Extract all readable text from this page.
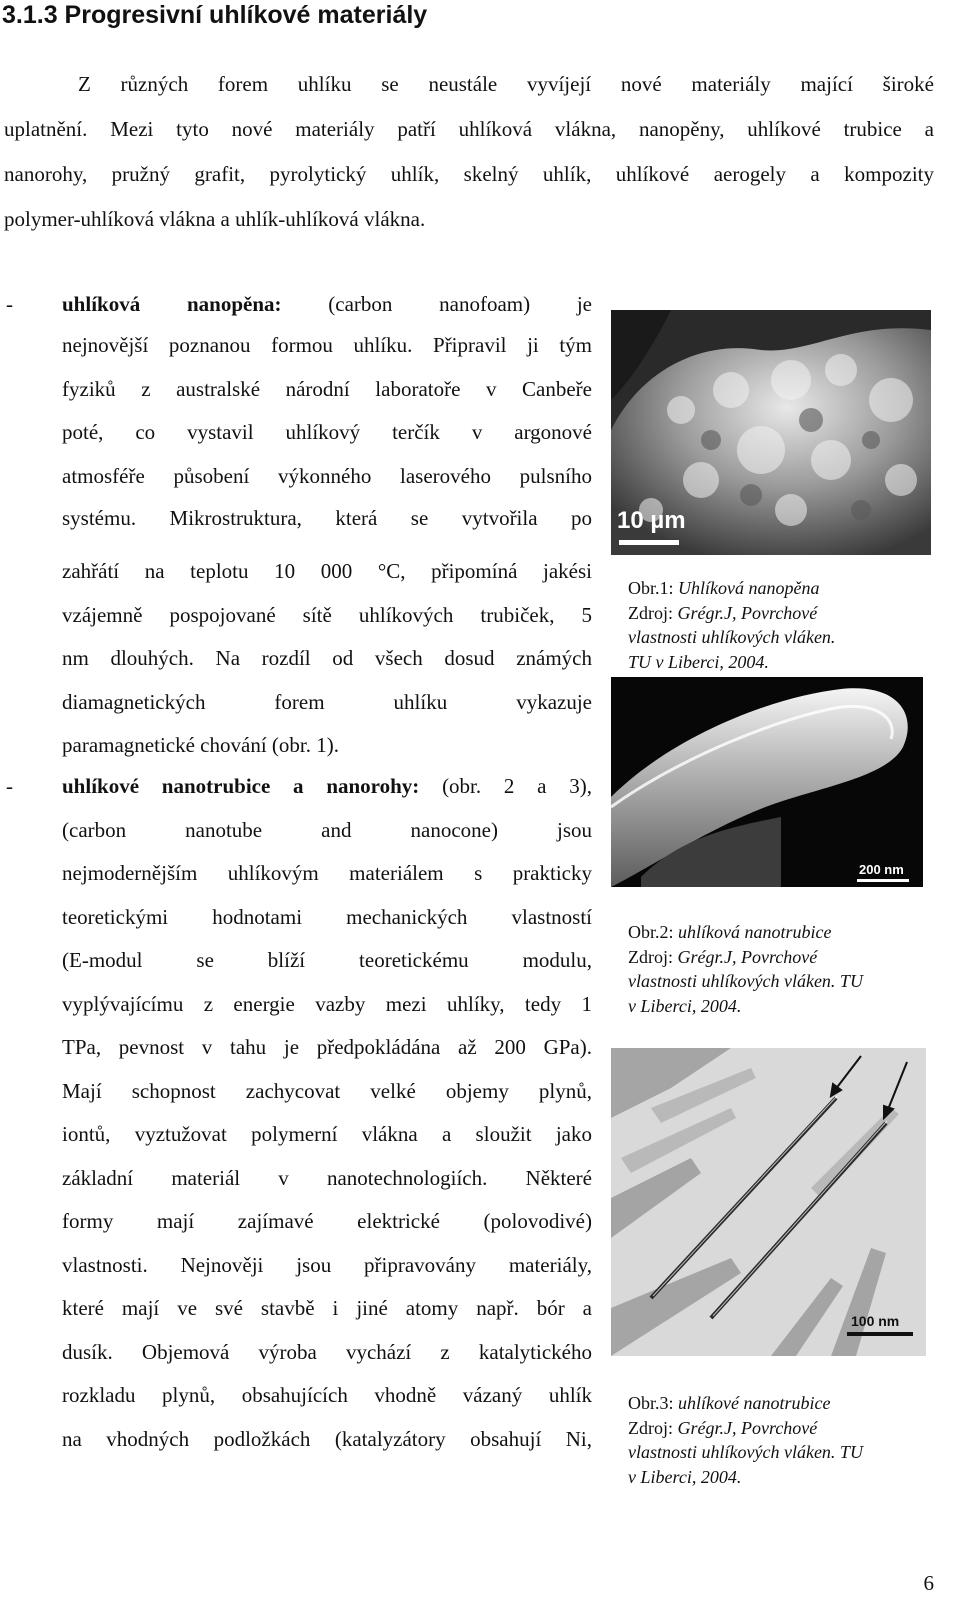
3.1.3 Progresivní uhlíkové materiály
Z různých forem uhlíku se neustále vyvíjejí nové materiály mající široké
uplatnění. Mezi tyto nové materiály patří uhlíková vlákna, nanopěny, uhlíkové trubice a
nanorohy, pružný grafit, pyrolytický uhlík, skelný uhlík, uhlíkové aerogely a kompozity
polymer-uhlíková vlákna a uhlík-uhlíková vlákna.
- uhlíková nanopěna: (carbon nanofoam) je
nejnovější poznanou formou uhlíku. Připravil ji tým
fyziků z australské národní laboratoře v Canbeře
poté, co vystavil uhlíkový terčík v argonové
atmosféře působení výkonného laserového pulsního
systému. Mikrostruktura, která se vytvořila po
zahřátí na teplotu 10 000 °C, připomíná jakési
vzájemně pospojované sítě uhlíkových trubiček, 5
nm dlouhých. Na rozdíl od všech dosud známých
diamagnetických forem uhlíku vykazuje
paramagnetické chování (obr. 1).
- uhlíkové nanotrubice a nanorohy: (obr. 2 a 3),
(carbon nanotube and nanocone) jsou
nejmodernějším uhlíkovým materiálem s prakticky
teoretickými hodnotami mechanických vlastností
(E-modul se blíží teoretickému modulu,
vyplývajícímu z energie vazby mezi uhlíky, tedy 1
TPa, pevnost v tahu je předpokládána až 200 GPa).
Mají schopnost zachycovat velké objemy plynů,
iontů, vyztužovat polymerní vlákna a sloužit jako
základní materiál v nanotechnologiích. Některé
formy mají zajímavé elektrické (polovodivé)
vlastnosti. Nejnověji jsou připravovány materiály,
které mají ve své stavbě i jiné atomy např. bór a
dusík. Objemová výroba vychází z katalytického
rozkladu plynů, obsahujících vhodně vázaný uhlík
na vhodných podložkách (katalyzátory obsahují Ni,
10 µm
Obr.1: Uhlíková nanopěna
Zdroj: Grégr.J, Povrchové
vlastnosti uhlíkových vláken.
TU v Liberci, 2004.
200 nm
Obr.2: uhlíková nanotrubice
Zdroj: Grégr.J, Povrchové
vlastnosti uhlíkových vláken. TU
v Liberci, 2004.
100 nm
Obr.3: uhlíkové nanotrubice
Zdroj: Grégr.J, Povrchové
vlastnosti uhlíkových vláken. TU
v Liberci, 2004.
6
